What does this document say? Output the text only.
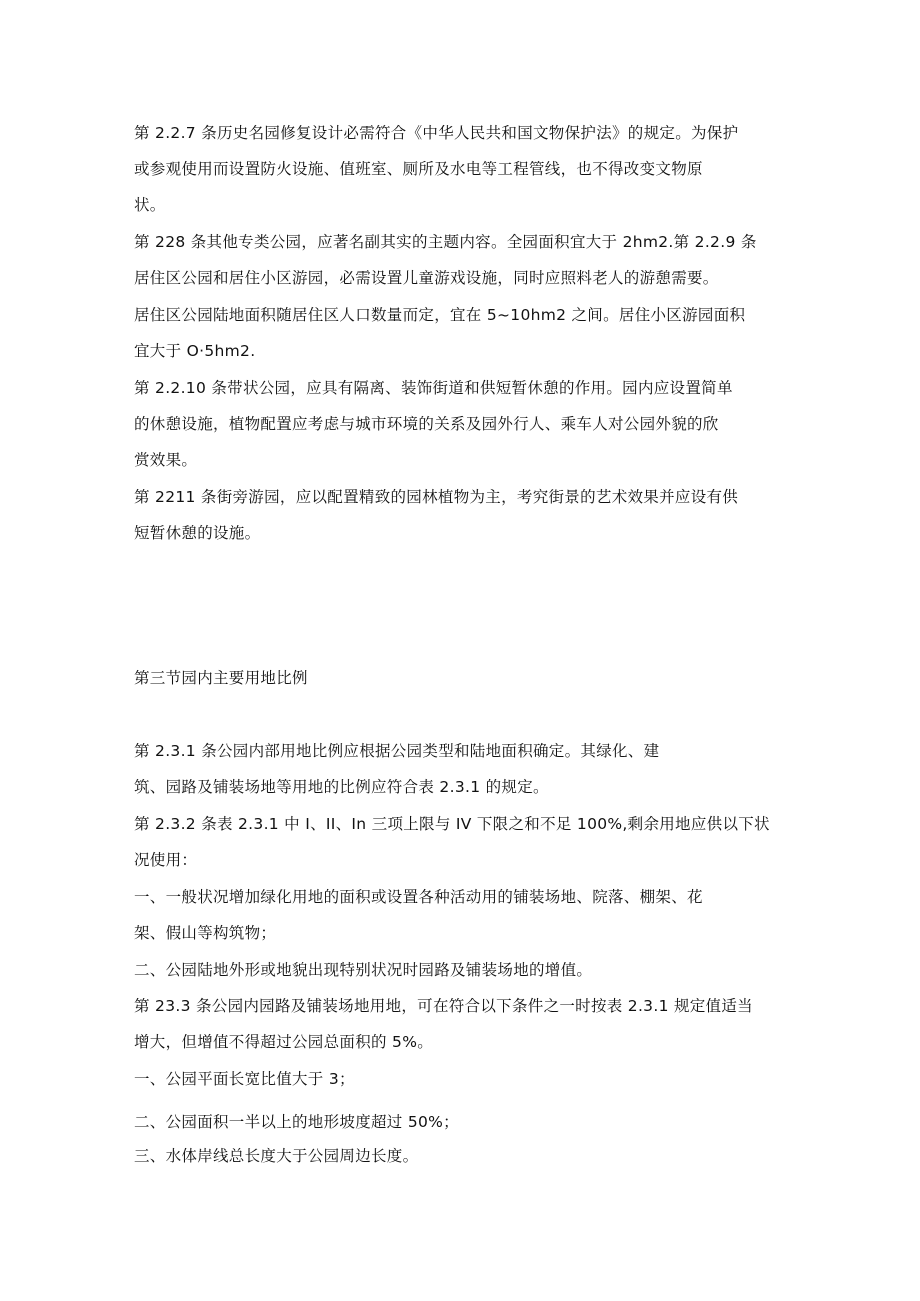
第 2.2.7 条历史名园修复设计必需符合《中华人民共和国文物保护法》的规定。为保护
或参观使用而设置防火设施、值班室、厕所及水电等工程管线，也不得改变文物原
状。
第 228 条其他专类公园，应著名副其实的主题内容。全园面积宜大于 2hm2.第 2.2.9 条
居住区公园和居住小区游园，必需设置儿童游戏设施，同时应照料老人的游憩需要。
居住区公园陆地面积随居住区人口数量而定，宜在 5~10hm2 之间。居住小区游园面积
宜大于 O·5hm2.
第 2.2.10 条带状公园，应具有隔离、装饰街道和供短暂休憩的作用。园内应设置简单
的休憩设施，植物配置应考虑与城市环境的关系及园外行人、乘车人对公园外貌的欣
赏效果。
第 2211 条街旁游园，应以配置精致的园林植物为主，考究街景的艺术效果并应设有供
短暂休憩的设施。
第三节园内主要用地比例
第 2.3.1 条公园内部用地比例应根据公园类型和陆地面积确定。其绿化、建
筑、园路及铺装场地等用地的比例应符合表 2.3.1 的规定。
第 2.3.2 条表 2.3.1 中 I、II、In 三项上限与 IV 下限之和不足 100%,剩余用地应供以下状
况使用：
一、一般状况增加绿化用地的面积或设置各种活动用的铺装场地、院落、棚架、花
架、假山等构筑物；
二、公园陆地外形或地貌出现特别状况时园路及铺装场地的增值。
第 23.3 条公园内园路及铺装场地用地，可在符合以下条件之一时按表 2.3.1 规定值适当
增大，但增值不得超过公园总面积的 5%。
一、公园平面长宽比值大于 3；
二、公园面积一半以上的地形坡度超过 50%；
三、水体岸线总长度大于公园周边长度。
